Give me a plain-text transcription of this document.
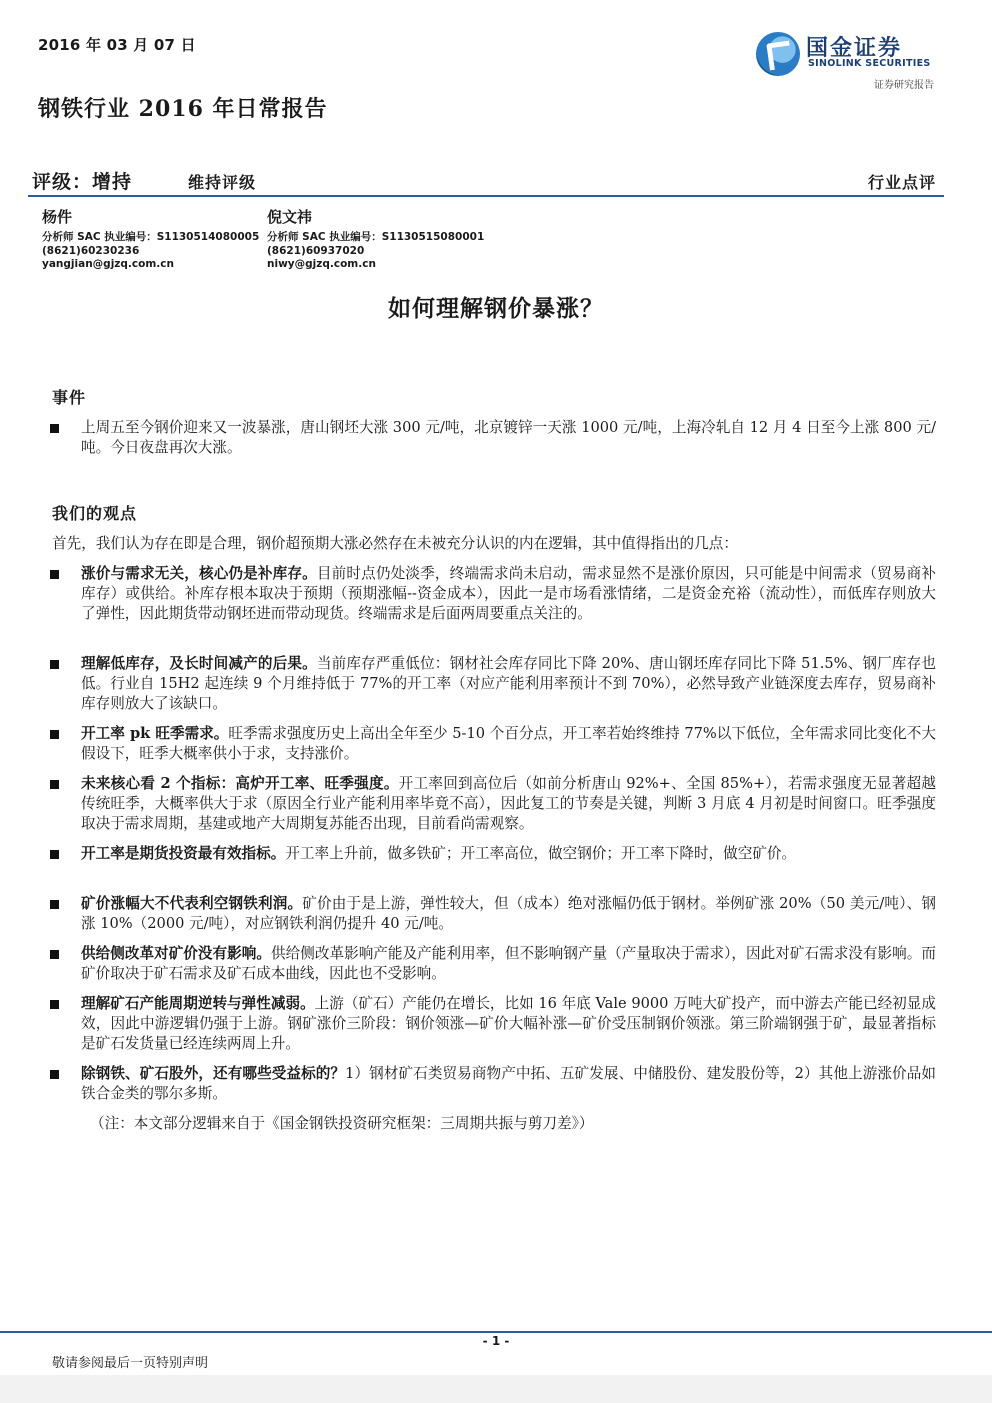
2016 年 03 月 07 日
钢铁行业 2016 年日常报告
国金证券
SINOLINK SECURITIES
证券研究报告
评级：增持	维持评级	行业点评
杨件
分析师 SAC 执业编号：S1130514080005
(8621)60230236
yangjian@gjzq.com.cn
倪文祎
分析师 SAC 执业编号：S1130515080001
(8621)60937020
niwy@gjzq.com.cn
如何理解钢价暴涨？
事件
上周五至今钢价迎来又一波暴涨，唐山钢坯大涨 300 元/吨，北京镀锌一天涨 1000 元/吨，上海冷轧自 12 月 4 日至今上涨 800 元/吨。今日夜盘再次大涨。
我们的观点
首先，我们认为存在即是合理，钢价超预期大涨必然存在未被充分认识的内在逻辑，其中值得指出的几点：
涨价与需求无关，核心仍是补库存。目前时点仍处淡季，终端需求尚未启动，需求显然不是涨价原因，只可能是中间需求（贸易商补库存）或供给。补库存根本取决于预期（预期涨幅--资金成本），因此一是市场看涨情绪，二是资金充裕（流动性），而低库存则放大了弹性，因此期货带动钢坯进而带动现货。终端需求是后面两周要重点关注的。
理解低库存，及长时间减产的后果。当前库存严重低位：钢材社会库存同比下降 20%、唐山钢坯库存同比下降 51.5%、钢厂库存也低。行业自 15H2 起连续 9 个月维持低于 77%的开工率（对应产能利用率预计不到 70%），必然导致产业链深度去库存，贸易商补库存则放大了该缺口。
开工率 pk 旺季需求。旺季需求强度历史上高出全年至少 5-10 个百分点，开工率若始终维持 77%以下低位，全年需求同比变化不大假设下，旺季大概率供小于求，支持涨价。
未来核心看 2 个指标：高炉开工率、旺季强度。开工率回到高位后（如前分析唐山 92%+、全国 85%+），若需求强度无显著超越传统旺季，大概率供大于求（原因全行业产能利用率毕竟不高），因此复工的节奏是关键，判断 3 月底 4 月初是时间窗口。旺季强度取决于需求周期，基建或地产大周期复苏能否出现，目前看尚需观察。
开工率是期货投资最有效指标。开工率上升前，做多铁矿；开工率高位，做空钢价；开工率下降时，做空矿价。
矿价涨幅大不代表利空钢铁利润。矿价由于是上游，弹性较大，但（成本）绝对涨幅仍低于钢材。举例矿涨 20%（50 美元/吨）、钢涨 10%（2000 元/吨），对应钢铁利润仍提升 40 元/吨。
供给侧改革对矿价没有影响。供给侧改革影响产能及产能利用率，但不影响钢产量（产量取决于需求），因此对矿石需求没有影响。而矿价取决于矿石需求及矿石成本曲线，因此也不受影响。
理解矿石产能周期逆转与弹性减弱。上游（矿石）产能仍在增长，比如 16 年底 Vale 9000 万吨大矿投产，而中游去产能已经初显成效，因此中游逻辑仍强于上游。钢矿涨价三阶段：钢价领涨—矿价大幅补涨—矿价受压制钢价领涨。第三阶端钢强于矿，最显著指标是矿石发货量已经连续两周上升。
除钢铁、矿石股外，还有哪些受益标的？1）钢材矿石类贸易商物产中拓、五矿发展、中储股份、建发股份等，2）其他上游涨价品如铁合金类的鄂尔多斯。
（注：本文部分逻辑来自于《国金钢铁投资研究框架：三周期共振与剪刀差》）
- 1 -
敬请参阅最后一页特别声明
